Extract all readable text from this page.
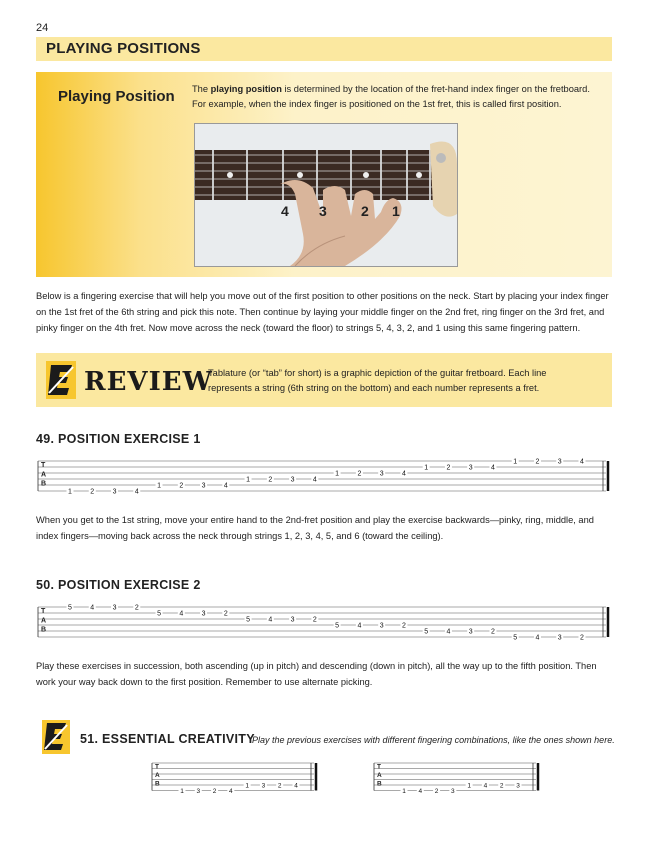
24
PLAYING POSITIONS
Playing Position The playing position is determined by the location of the fret-hand index finger on the fretboard. For example, when the index finger is positioned on the 1st fret, this is called first position.
4 3 2 1
Below is a fingering exercise that will help you move out of the first position to other positions on the neck. Start by placing your index finger on the 1st fret of the 6th string and pick this note. Then continue by laying your middle finger on the 2nd fret, ring finger on the 3rd fret, and pinky finger on the 4th fret. Now move across the neck (toward the floor) to strings 5, 4, 3, 2, and 1 using this same fingering pattern.
REVIEW
Tablature (or “tab” for short) is a graphic depiction of the guitar fretboard. Each line represents a string (6th string on the bottom) and each number represents a fret.
49. POSITION EXERCISE 1
T
A
B
1	2	3	4
1	2	3	4
1	2	3	4
1	2	3	4
1	2	3	4
1	2	3	4
When you get to the 1st string, move your entire hand to the 2nd-fret position and play the exercise backwards—pinky, ring, middle, and index fingers—moving back across the neck through strings 1, 2, 3, 4, 5, and 6 (toward the ceiling).
50. POSITION EXERCISE 2
T
A
B
5	4	3	2
5	4	3	2
5	4	3	2
5	4	3	2
5	4	3	2
5	4	3	2
Play these exercises in succession, both ascending (up in pitch) and descending (down in pitch), all the way up to the fifth position. Then work your way back down to the first position. Remember to use alternate picking.
51. ESSENTIAL CREATIVITY
Play the previous exercises with different fingering combinations, like the ones shown here.
T
A
B
1 3 2 4
1 3 2 4
T
A
B
1 4 2 3
1 4 2 3
